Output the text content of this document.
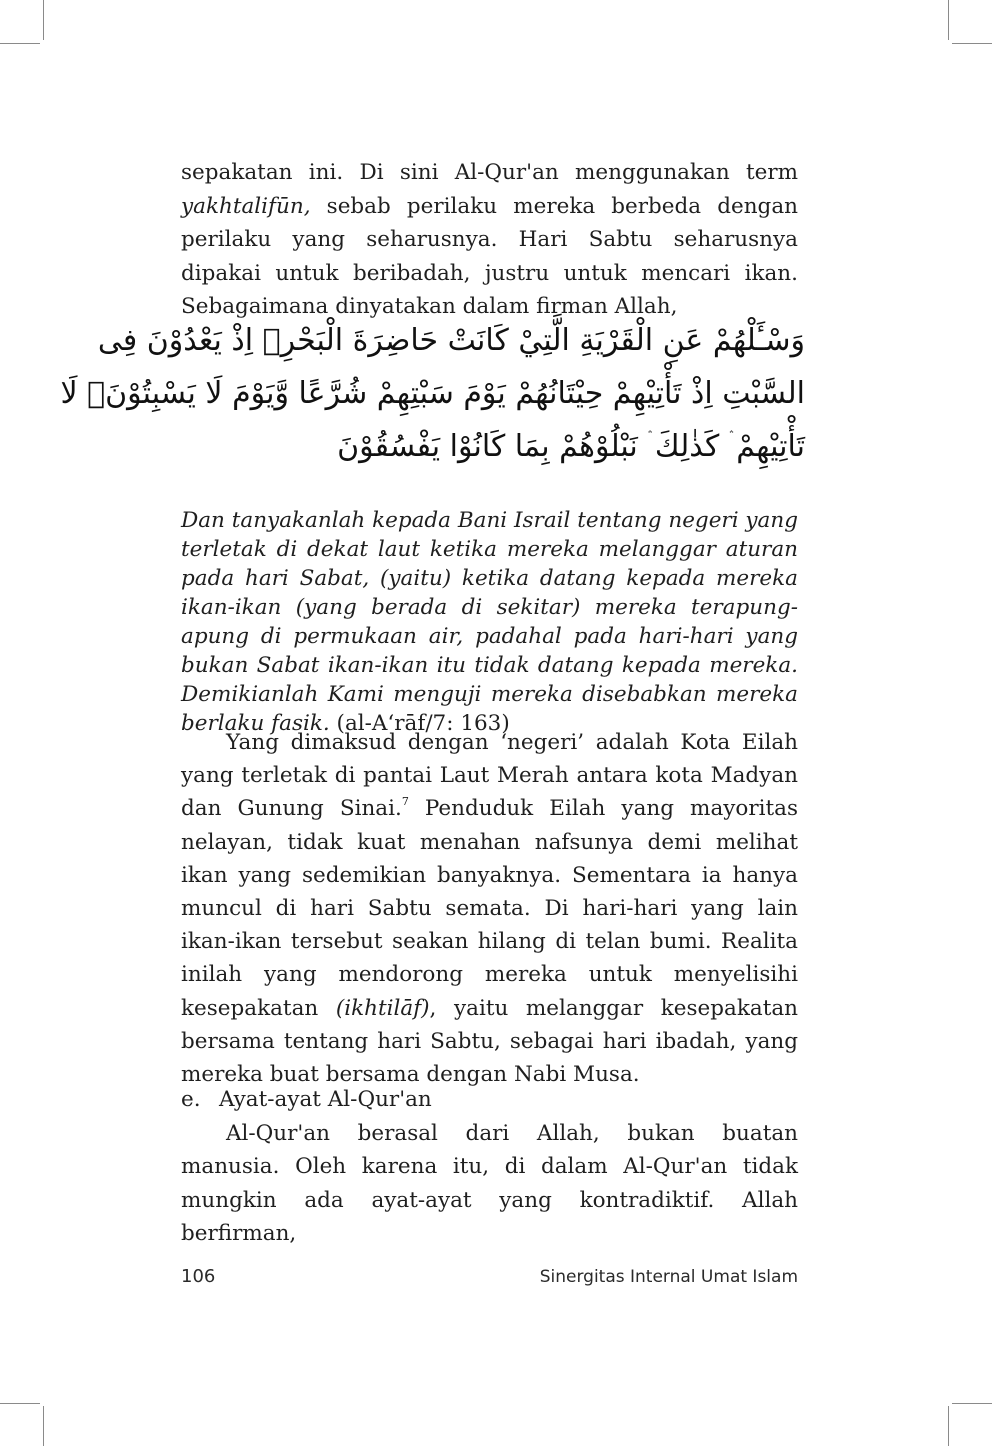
sepakatan ini. Di sini Al-Qur'an menggunakan term yakhtalifūn, sebab perilaku mereka berbeda dengan perilaku yang seharusnya. Hari Sabtu seharusnya dipakai untuk beribadah, justru untuk mencari ikan. Sebagaimana dinyatakan dalam firman Allah,

وَسْـَٔلْهُمْ عَنِ الْقَرْيَةِ الَّتِيْ كَانَتْ حَاضِرَةَ الْبَحْرِۘ اِذْ يَعْدُوْنَ فِى
السَّبْتِ اِذْ تَأْتِيْهِمْ حِيْتَانُهُمْ يَوْمَ سَبْتِهِمْ شُرَّعًا وَّيَوْمَ لَا يَسْبِتُوْنَۙ لَا
تَأْتِيْهِمْ ۛ كَذٰلِكَ ۛ نَبْلُوْهُمْ بِمَا كَانُوْا يَفْسُقُوْنَ

Dan tanyakanlah kepada Bani Israil tentang negeri yang terletak di dekat laut ketika mereka melanggar aturan pada hari Sabat, (yaitu) ketika datang kepada mereka ikan-ikan (yang berada di sekitar) mereka terapung-apung di permukaan air, padahal pada hari-hari yang bukan Sabat ikan-ikan itu tidak datang kepada mereka. Demikianlah Kami menguji mereka disebabkan mereka berlaku fasik. (al-A‘rāf/7: 163)

Yang dimaksud dengan ‘negeri’ adalah Kota Eilah yang terletak di pantai Laut Merah antara kota Madyan dan Gunung Sinai.$^7$ Penduduk Eilah yang mayoritas nelayan, tidak kuat menahan nafsunya demi melihat ikan yang sedemikian banyaknya. Sementara ia hanya muncul di hari Sabtu semata. Di hari-hari yang lain ikan-ikan tersebut seakan hilang di telan bumi. Realita inilah yang mendorong mereka untuk menyelisihi kesepakatan (ikhtilāf), yaitu melanggar kesepakatan bersama tentang hari Sabtu, sebagai hari ibadah, yang mereka buat bersama dengan Nabi Musa.

e. Ayat-ayat Al-Qur'an

Al-Qur'an berasal dari Allah, bukan buatan manusia. Oleh karena itu, di dalam Al-Qur'an tidak mungkin ada ayat-ayat yang kontradiktif. Allah berfirman,

106	Sinergitas Internal Umat Islam
